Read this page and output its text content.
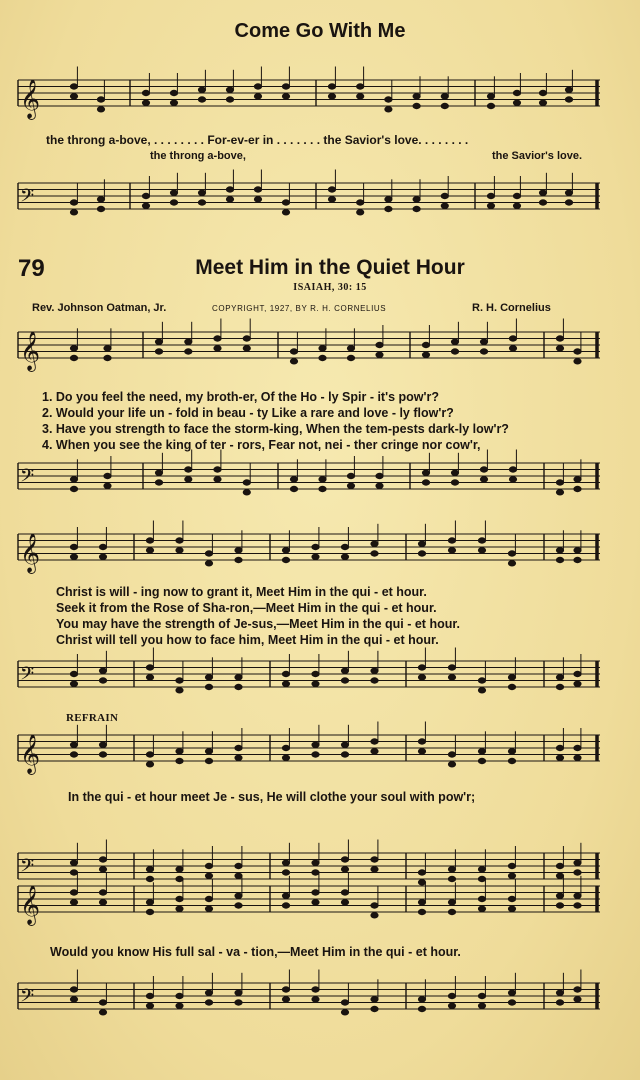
𝄞
𝄢
𝄞
𝄢
𝄞
𝄢
𝄞
𝄢
𝄞
𝄢
Come Go With Me
the throng a-bove, . . . . . . . . For-ev-er in . . . . . . . the Savior's love. . . . . . . .
the throng a-bove,	the Savior's love.
79	Meet Him in the Quiet Hour
ISAIAH, 30: 15
Rev. Johnson Oatman, Jr.	COPYRIGHT, 1927, BY R. H. CORNELIUS	R. H. Cornelius
1. Do you feel the need, my broth-er, Of the Ho - ly Spir - it's pow'r?
2. Would your life un - fold in beau - ty Like a rare and love - ly flow'r?
3. Have you strength to face the storm-king, When the tem-pests dark-ly low'r?
4. When you see the king of ter - rors, Fear not, nei - ther cringe nor cow'r,
Christ is will - ing now to grant it, Meet Him in the qui - et hour.
Seek it from the Rose of Sha-ron,—Meet Him in the qui - et hour.
You may have the strength of Je-sus,—Meet Him in the qui - et hour.
Christ will tell you how to face him, Meet Him in the qui - et hour.
REFRAIN
In the qui - et hour meet Je - sus, He will clothe your soul with pow'r;
Would you know His full sal - va - tion,—Meet Him in the qui - et hour.
